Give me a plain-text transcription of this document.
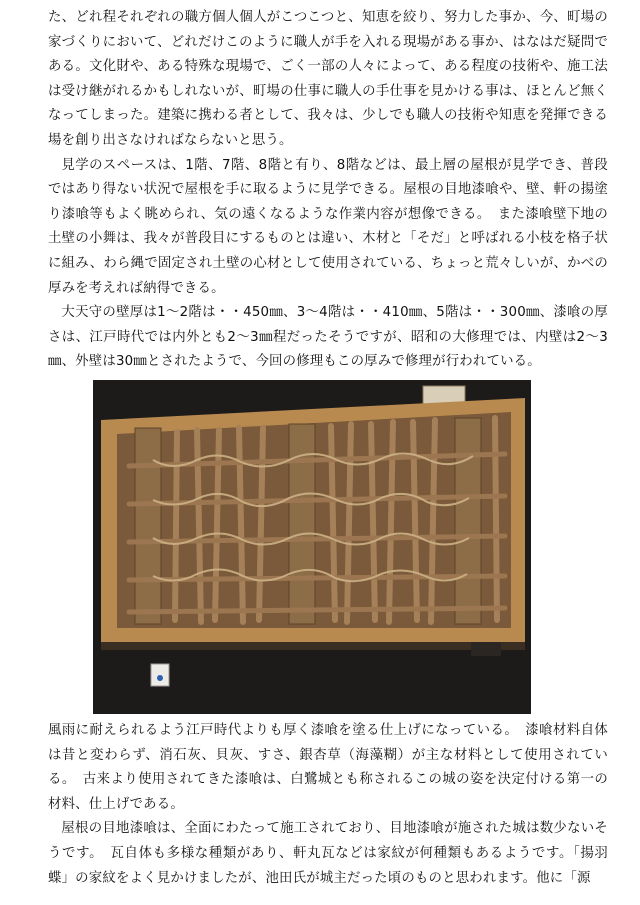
た、どれ程それぞれの職方個人個人がこつこつと、知恵を絞り、努力した事か、今、町場の家づくりにおいて、どれだけこのように職人が手を入れる現場がある事か、はなはだ疑問である。文化財や、ある特殊な現場で、ごく一部の人々によって、ある程度の技術や、施工法は受け継がれるかもしれないが、町場の仕事に職人の手仕事を見かける事は、ほとんど無くなってしまった。建築に携わる者として、我々は、少しでも職人の技術や知恵を発揮できる場を創り出さなければならないと思う。

見学のスペースは、1階、7階、8階と有り、8階などは、最上層の屋根が見学でき、普段ではあり得ない状況で屋根を手に取るように見学できる。屋根の目地漆喰や、壁、軒の揚塗り漆喰等もよく眺められ、気の遠くなるような作業内容が想像できる。　また漆喰壁下地の土壁の小舞は、我々が普段目にするものとは違い、木材と「そだ」と呼ばれる小枝を格子状に組み、わら縄で固定され土壁の心材として使用されている、ちょっと荒々しいが、かべの厚みを考えれば納得できる。

大天守の壁厚は1～2階は・・450㎜、3～4階は・・410㎜、5階は・・300㎜、漆喰の厚さは、江戸時代では内外とも2～3㎜程だったそうですが、昭和の大修理では、内壁は2～3㎜、外壁は30㎜とされたようで、今回の修理もこの厚みで修理が行われている。

風雨に耐えられるよう江戸時代よりも厚く漆喰を塗る仕上げになっている。　漆喰材料自体は昔と変わらず、消石灰、貝灰、すさ、銀杏草（海藻糊）が主な材料として使用されている。　古来より使用されてきた漆喰は、白鷺城とも称されるこの城の姿を決定付ける第一の材料、仕上げである。

屋根の目地漆喰は、全面にわたって施工されており、目地漆喰が施された城は数少ないそうです。　瓦自体も多様な種類があり、軒丸瓦などは家紋が何種類もあるようです。「揚羽蝶」の家紋をよく見かけましたが、池田氏が城主だった頃のものと思われます。他に「源
